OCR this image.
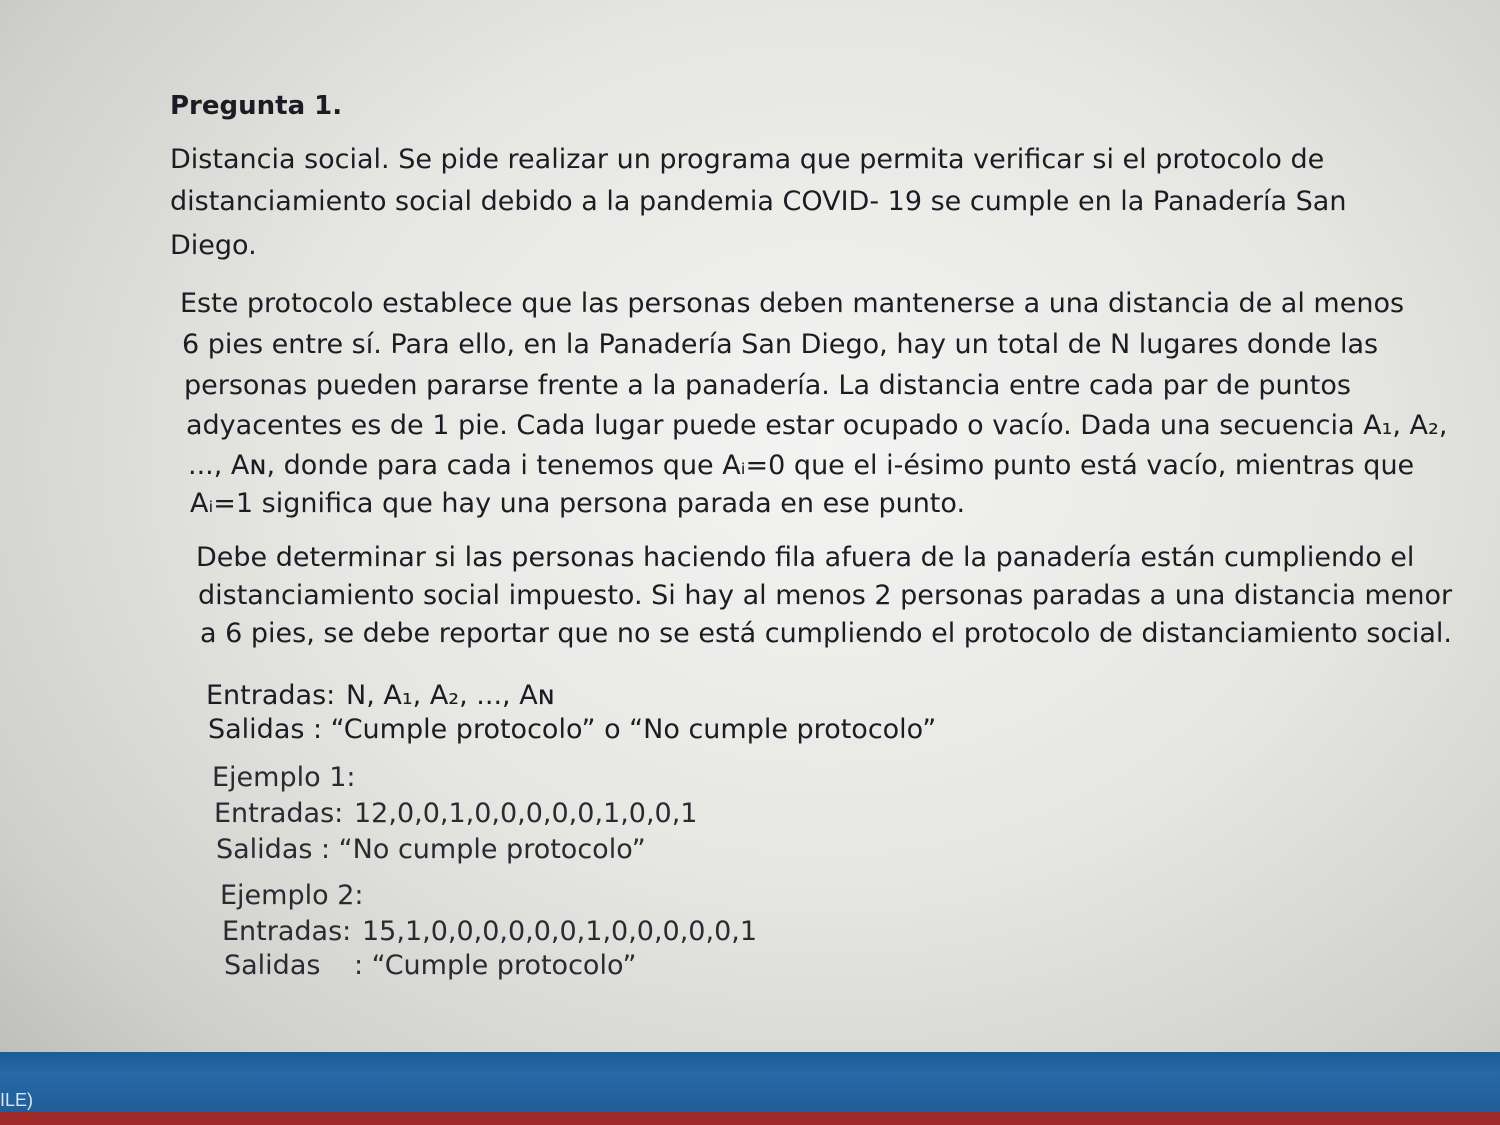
Pregunta 1.
Distancia social. Se pide realizar un programa que permita verificar si el protocolo de
distanciamiento social debido a la pandemia COVID- 19 se cumple en la Panadería San
Diego.
Este protocolo establece que las personas deben mantenerse a una distancia de al menos
6 pies entre sí. Para ello, en la Panadería San Diego, hay un total de N lugares donde las
personas pueden pararse frente a la panadería. La distancia entre cada par de puntos
adyacentes es de 1 pie. Cada lugar puede estar ocupado o vacío. Dada una secuencia A₁, A₂,
..., Aɴ, donde para cada i tenemos que Aᵢ=0 que el i-ésimo punto está vacío, mientras que
Aᵢ=1 significa que hay una persona parada en ese punto.
Debe determinar si las personas haciendo fila afuera de la panadería están cumpliendo el
distanciamiento social impuesto. Si hay al menos 2 personas paradas a una distancia menor
a 6 pies, se debe reportar que no se está cumpliendo el protocolo de distanciamiento social.
Entradas: N, A₁, A₂, ..., Aɴ
Salidas : “Cumple protocolo” o “No cumple protocolo”
Ejemplo 1:
Entradas: 12,0,0,1,0,0,0,0,0,1,0,0,1
Salidas : “No cumple protocolo”
Ejemplo 2:
Entradas: 15,1,0,0,0,0,0,0,1,0,0,0,0,0,1
Salidas : “Cumple protocolo”
ILE)
